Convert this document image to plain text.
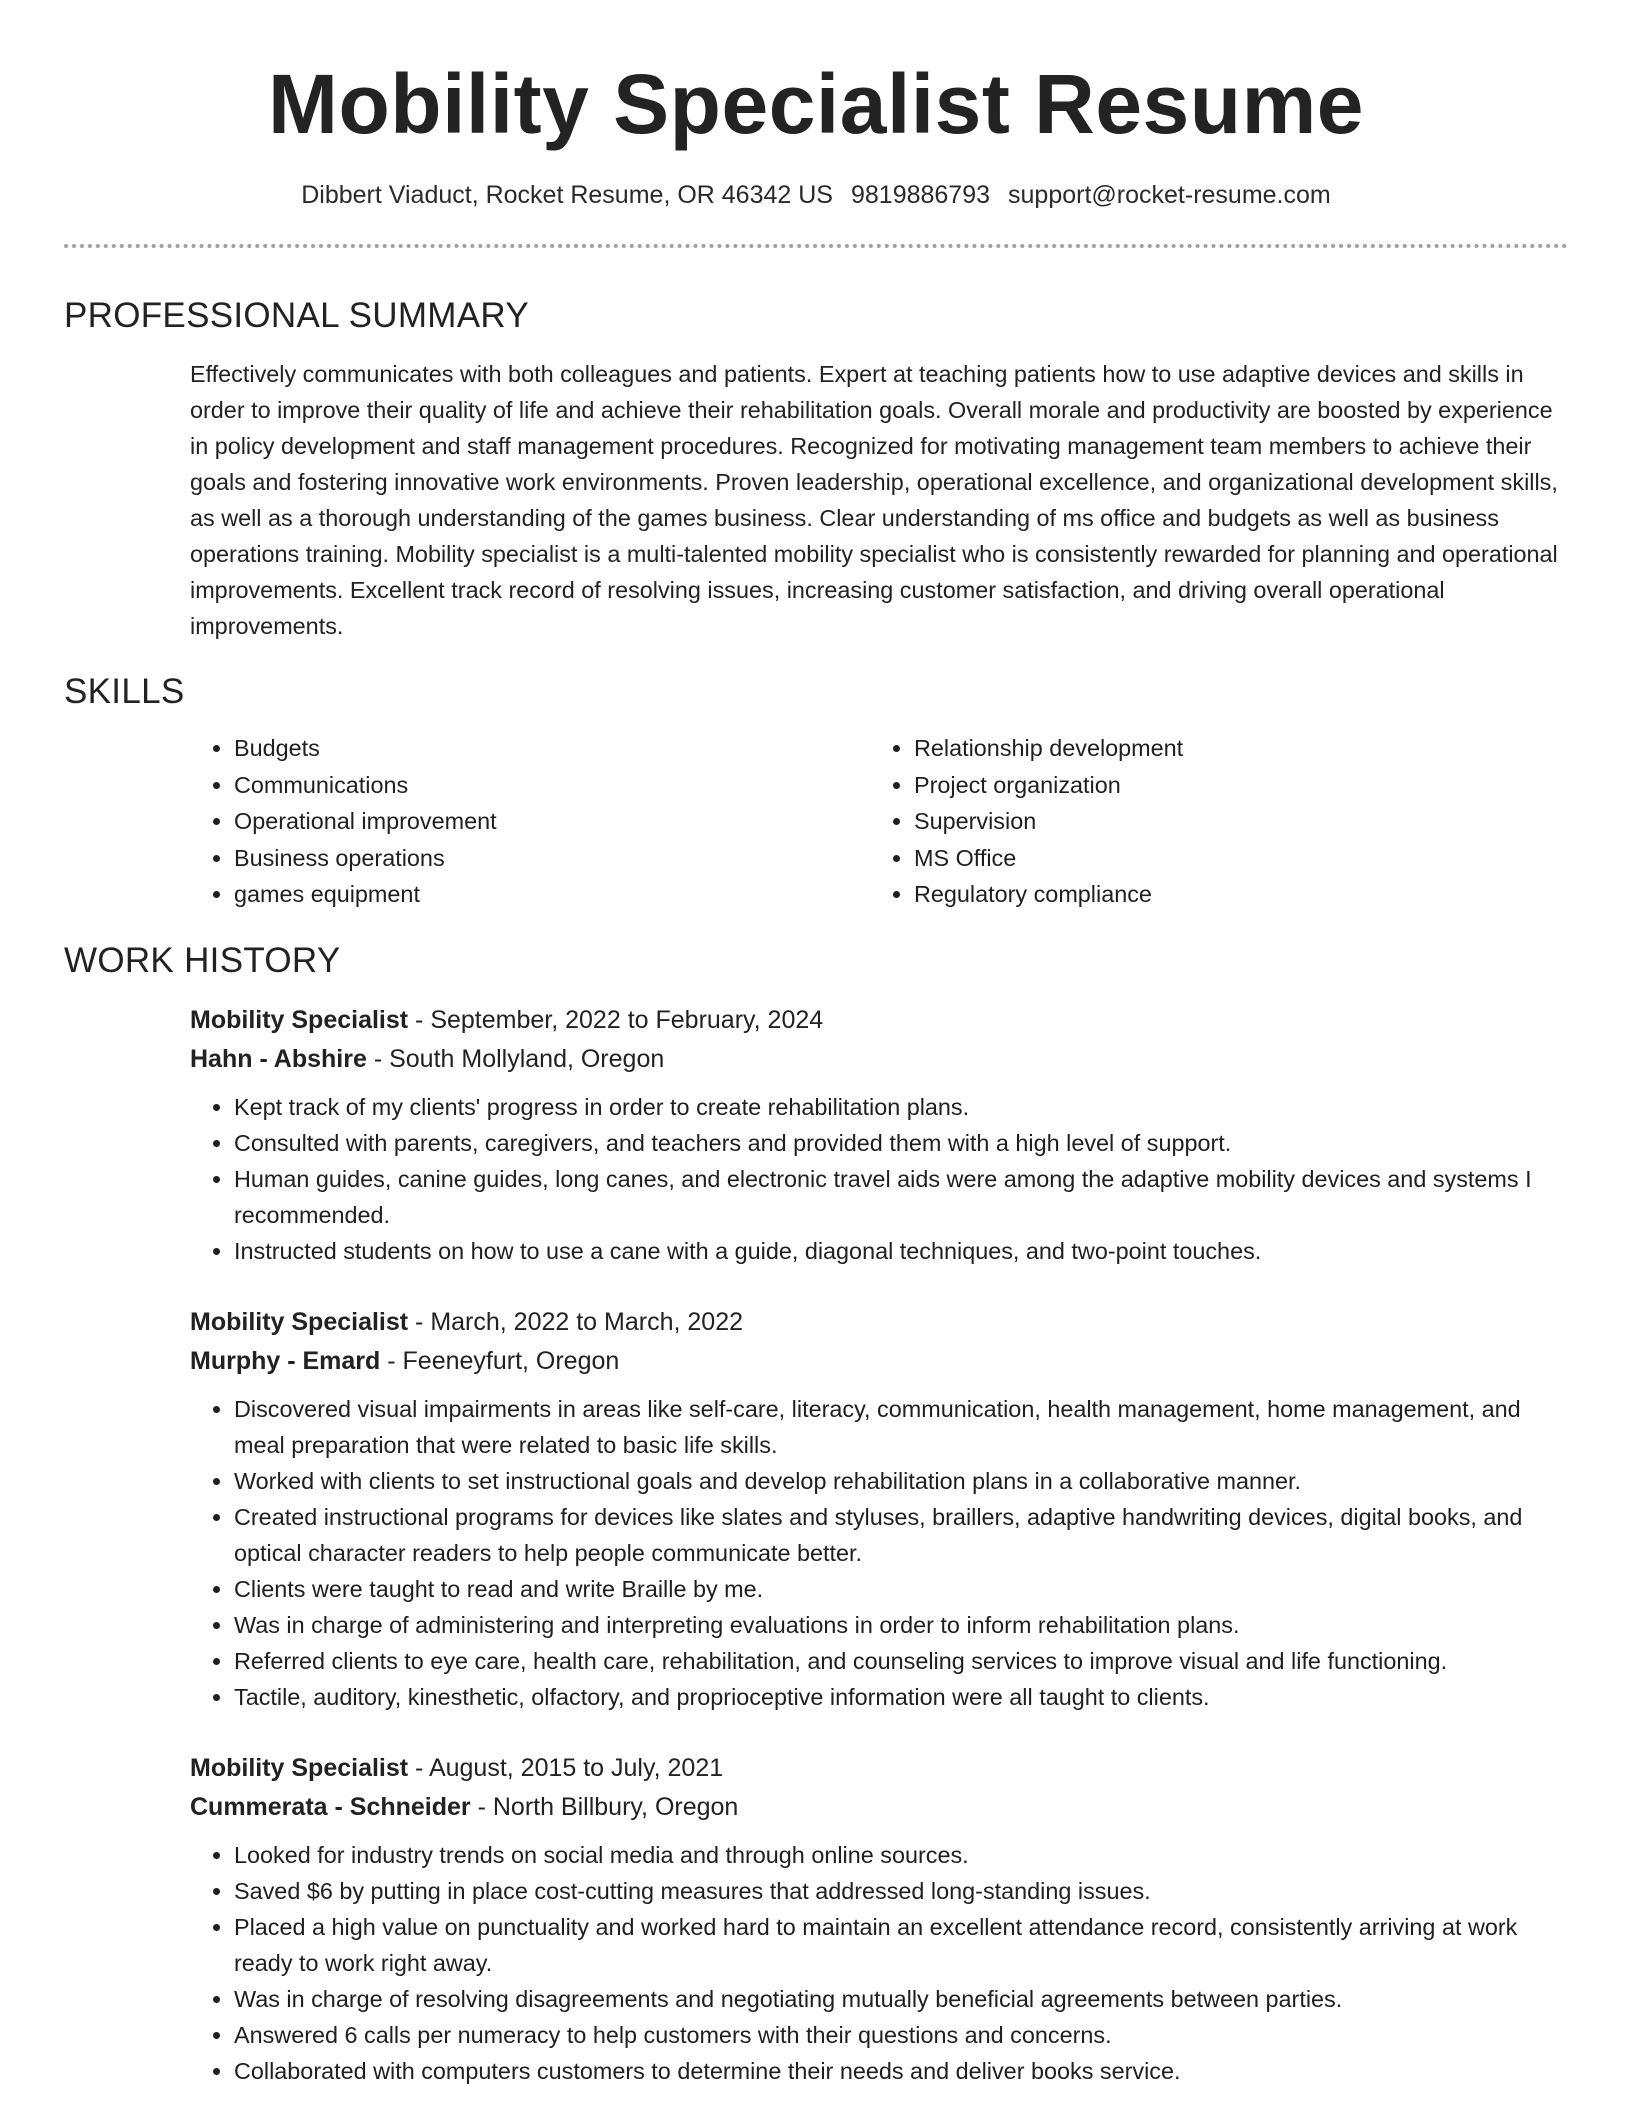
Mobility Specialist Resume
Dibbert Viaduct, Rocket Resume, OR 46342 US 9819886793 support@rocket-resume.com
PROFESSIONAL SUMMARY
Effectively communicates with both colleagues and patients. Expert at teaching patients how to use adaptive devices and skills in order to improve their quality of life and achieve their rehabilitation goals. Overall morale and productivity are boosted by experience in policy development and staff management procedures. Recognized for motivating management team members to achieve their goals and fostering innovative work environments. Proven leadership, operational excellence, and organizational development skills, as well as a thorough understanding of the games business. Clear understanding of ms office and budgets as well as business operations training. Mobility specialist is a multi-talented mobility specialist who is consistently rewarded for planning and operational improvements. Excellent track record of resolving issues, increasing customer satisfaction, and driving overall operational improvements.
SKILLS
• Budgets
• Communications
• Operational improvement
• Business operations
• games equipment
• Relationship development
• Project organization
• Supervision
• MS Office
• Regulatory compliance
WORK HISTORY
Mobility Specialist - September, 2022 to February, 2024
Hahn - Abshire - South Mollyland, Oregon
• Kept track of my clients' progress in order to create rehabilitation plans.
• Consulted with parents, caregivers, and teachers and provided them with a high level of support.
• Human guides, canine guides, long canes, and electronic travel aids were among the adaptive mobility devices and systems I recommended.
• Instructed students on how to use a cane with a guide, diagonal techniques, and two-point touches.
Mobility Specialist - March, 2022 to March, 2022
Murphy - Emard - Feeneyfurt, Oregon
• Discovered visual impairments in areas like self-care, literacy, communication, health management, home management, and meal preparation that were related to basic life skills.
• Worked with clients to set instructional goals and develop rehabilitation plans in a collaborative manner.
• Created instructional programs for devices like slates and styluses, braillers, adaptive handwriting devices, digital books, and optical character readers to help people communicate better.
• Clients were taught to read and write Braille by me.
• Was in charge of administering and interpreting evaluations in order to inform rehabilitation plans.
• Referred clients to eye care, health care, rehabilitation, and counseling services to improve visual and life functioning.
• Tactile, auditory, kinesthetic, olfactory, and proprioceptive information were all taught to clients.
Mobility Specialist - August, 2015 to July, 2021
Cummerata - Schneider - North Billbury, Oregon
• Looked for industry trends on social media and through online sources.
• Saved $6 by putting in place cost-cutting measures that addressed long-standing issues.
• Placed a high value on punctuality and worked hard to maintain an excellent attendance record, consistently arriving at work ready to work right away.
• Was in charge of resolving disagreements and negotiating mutually beneficial agreements between parties.
• Answered 6 calls per numeracy to help customers with their questions and concerns.
• Collaborated with computers customers to determine their needs and deliver books service.
